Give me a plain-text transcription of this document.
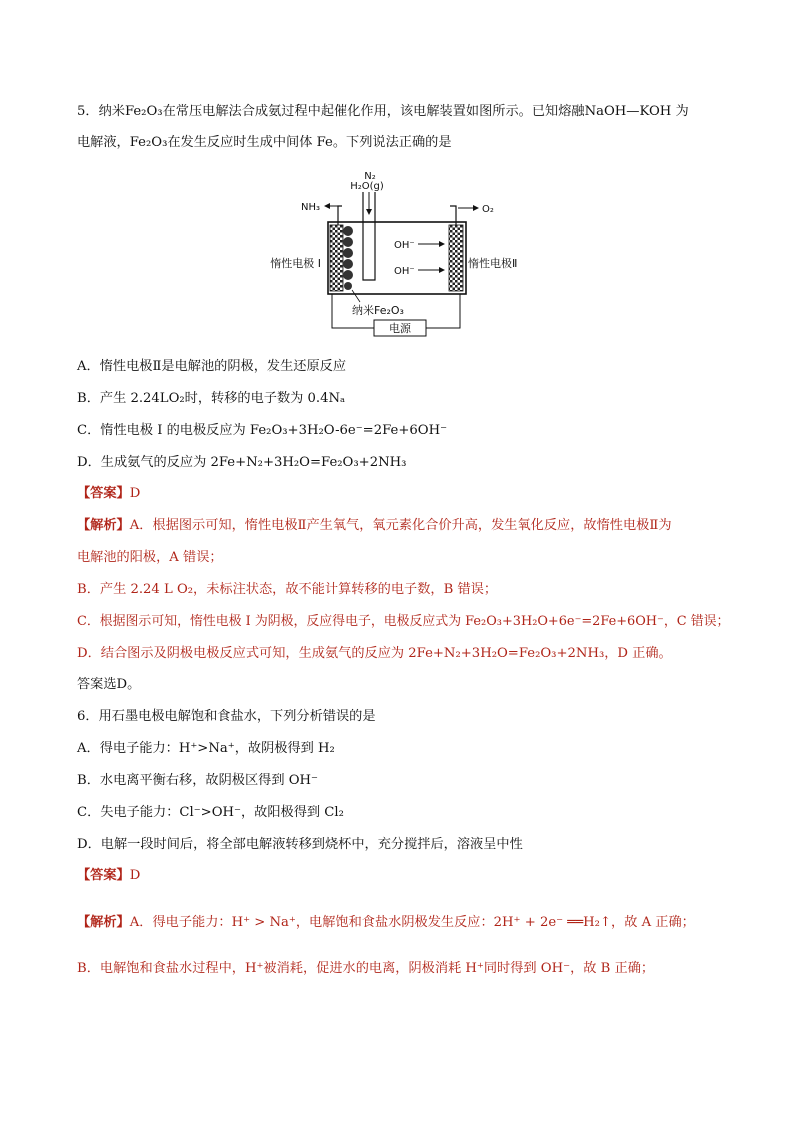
5．纳米Fe₂O₃在常压电解法合成氨过程中起催化作用，该电解装置如图所示。已知熔融NaOH—KOH 为
电解液，Fe₂O₃在发生反应时生成中间体 Fe。下列说法正确的是
N₂
H₂O(g)
NH₃	O₂
OH⁻
OH⁻
惰性电极 I	惰性电极Ⅱ
纳米Fe₂O₃
电源
A．惰性电极Ⅱ是电解池的阴极，发生还原反应
B．产生 2.24LO₂时，转移的电子数为 0.4Nₐ
C．惰性电极 I 的电极反应为 Fe₂O₃+3H₂O-6e⁻=2Fe+6OH⁻
D．生成氨气的反应为 2Fe+N₂+3H₂O=Fe₂O₃+2NH₃
【答案】D
【解析】A．根据图示可知，惰性电极Ⅱ产生氧气，氧元素化合价升高，发生氧化反应，故惰性电极Ⅱ为
电解池的阳极，A 错误；
B．产生 2.24 L O₂，未标注状态，故不能计算转移的电子数，B 错误；
C．根据图示可知，惰性电极 I 为阴极，反应得电子，电极反应式为 Fe₂O₃+3H₂O+6e⁻=2Fe+6OH⁻，C 错误；
D．结合图示及阴极电极反应式可知，生成氨气的反应为 2Fe+N₂+3H₂O=Fe₂O₃+2NH₃，D 正确。
答案选D。
6．用石墨电极电解饱和食盐水，下列分析错误的是
A．得电子能力：H⁺>Na⁺，故阴极得到 H₂
B．水电离平衡右移，故阴极区得到 OH⁻
C．失电子能力：Cl⁻>OH⁻，故阳极得到 Cl₂
D．电解一段时间后，将全部电解液转移到烧杯中，充分搅拌后，溶液呈中性
【答案】D
【解析】A．得电子能力：H⁺ > Na⁺，电解饱和食盐水阴极发生反应：2H⁺ + 2e⁻ ══H₂↑，故 A 正确；
B．电解饱和食盐水过程中，H⁺被消耗，促进水的电离，阴极消耗 H⁺同时得到 OH⁻，故 B 正确；
